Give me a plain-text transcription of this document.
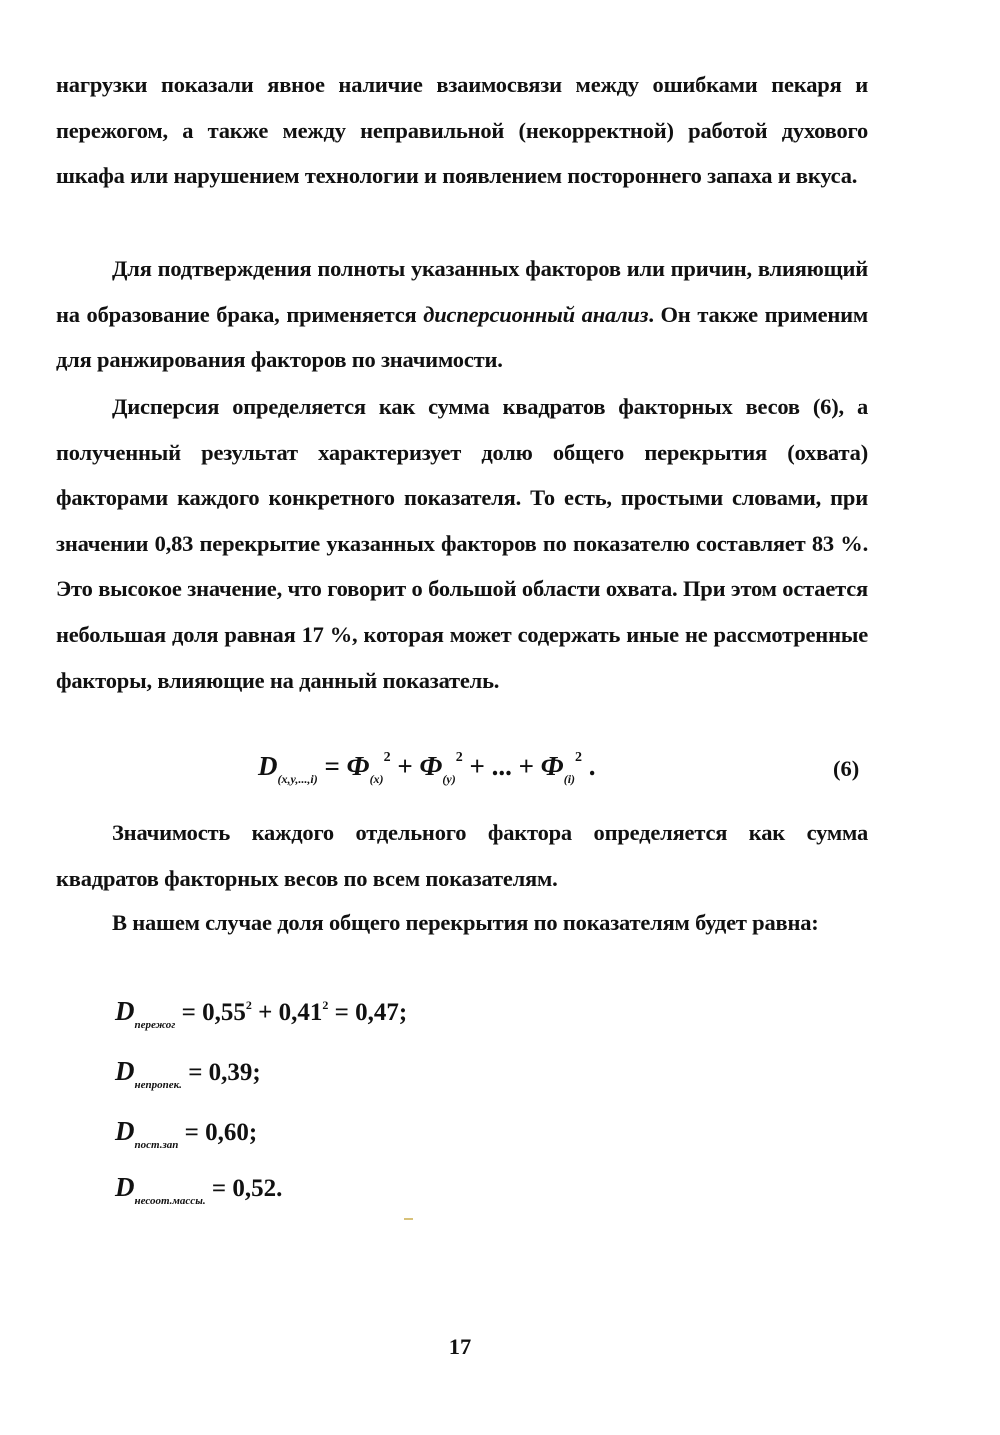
нагрузки показали явное наличие взаимосвязи между ошибками пекаря и пережогом, а также между неправильной (некорректной) работой духового шкафа или нарушением технологии и появлением постороннего запаха и вкуса.

Для подтверждения полноты указанных факторов или причин, влияющий на образование брака, применяется дисперсионный анализ. Он также применим для ранжирования факторов по значимости.

Дисперсия определяется как сумма квадратов факторных весов (6), а полученный результат характеризует долю общего перекрытия (охвата) факторами каждого конкретного показателя. То есть, простыми словами, при значении 0,83 перекрытие указанных факторов по показателю составляет 83 %. Это высокое значение, что говорит о большой области охвата. При этом остается небольшая доля равная 17 %, которая может содержать иные не рассмотренные факторы, влияющие на данный показатель.

$D_{(x,y,...,i)} = Ф_{(x)}^2 + Ф_{(y)}^2$ + ... + $Ф_{(i)}^2$ .	(6)

Значимость каждого отдельного фактора определяется как сумма квадратов факторных весов по всем показателям.

В нашем случае доля общего перекрытия по показателям будет равна:

$D_{пережог} = 0,55^2 + 0,41^2 = 0,47$;
$D_{непропек.} = 0,39$;
$D_{пост.зап} = 0,60$;
$D_{несоот.массы.} = 0,52$.
17
